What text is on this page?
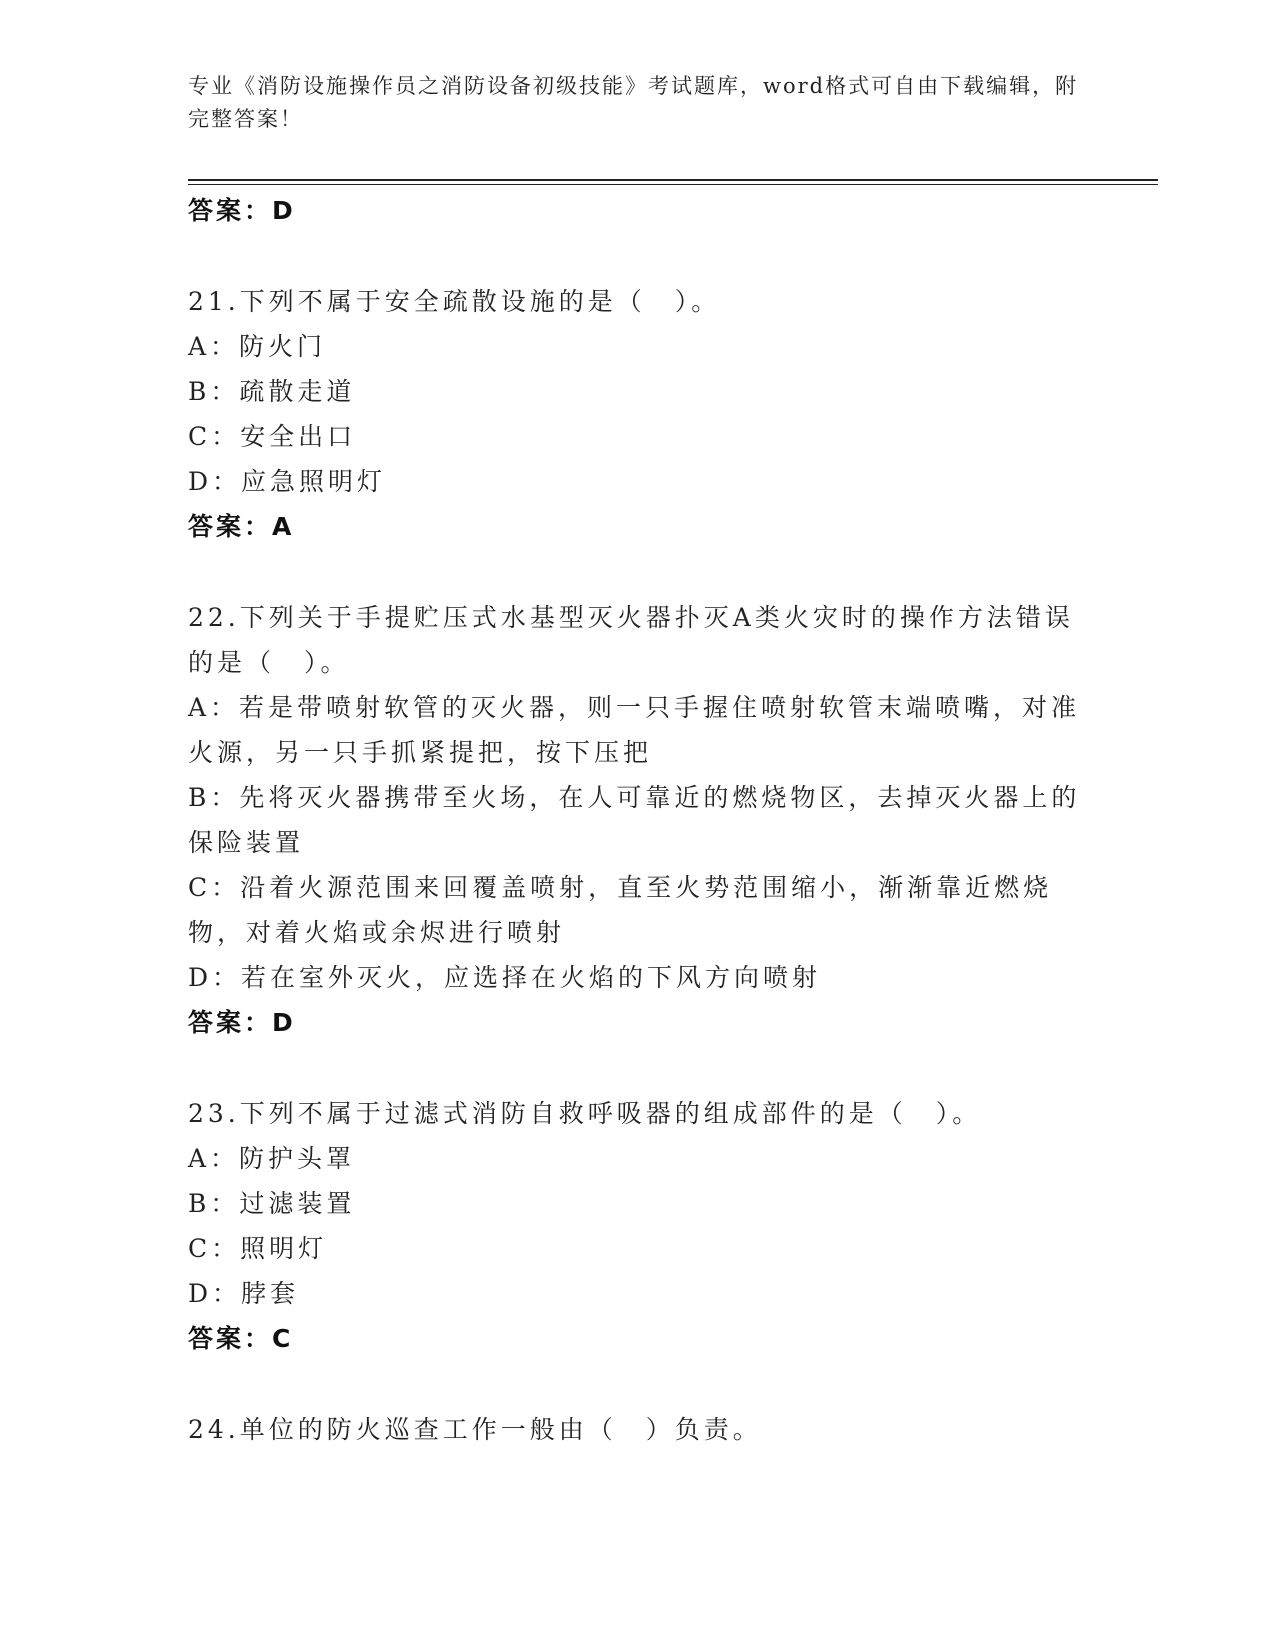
专业《消防设施操作员之消防设备初级技能》考试题库，word格式可自由下载编辑，附完整答案！
答案：D
21.下列不属于安全疏散设施的是（　）。
A：防火门
B：疏散走道
C：安全出口
D：应急照明灯
答案：A
22.下列关于手提贮压式水基型灭火器扑灭A类火灾时的操作方法错误的是（　）。
A：若是带喷射软管的灭火器，则一只手握住喷射软管末端喷嘴，对准火源，另一只手抓紧提把，按下压把
B：先将灭火器携带至火场，在人可靠近的燃烧物区，去掉灭火器上的保险装置
C：沿着火源范围来回覆盖喷射，直至火势范围缩小，渐渐靠近燃烧物，对着火焰或余烬进行喷射
D：若在室外灭火，应选择在火焰的下风方向喷射
答案：D
23.下列不属于过滤式消防自救呼吸器的组成部件的是（　）。
A：防护头罩
B：过滤装置
C：照明灯
D：脖套
答案：C
24.单位的防火巡查工作一般由（　）负责。
